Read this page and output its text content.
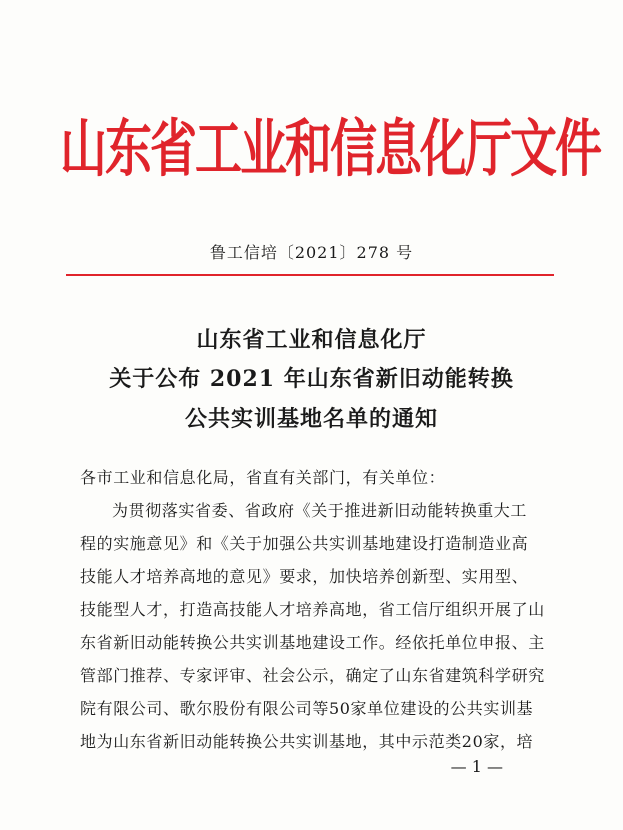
山东省工业和信息化厅文件
鲁工信培〔2021〕278 号
山东省工业和信息化厅
关于公布 2021 年山东省新旧动能转换
公共实训基地名单的通知
各市工业和信息化局，省直有关部门，有关单位：
为贯彻落实省委、省政府《关于推进新旧动能转换重大工
程的实施意见》和《关于加强公共实训基地建设打造制造业高
技能人才培养高地的意见》要求，加快培养创新型、实用型、
技能型人才，打造高技能人才培养高地，省工信厅组织开展了山
东省新旧动能转换公共实训基地建设工作。经依托单位申报、主
管部门推荐、专家评审、社会公示，确定了山东省建筑科学研究
院有限公司、歌尔股份有限公司等50家单位建设的公共实训基
地为山东省新旧动能转换公共实训基地，其中示范类20家，培
— 1 —
